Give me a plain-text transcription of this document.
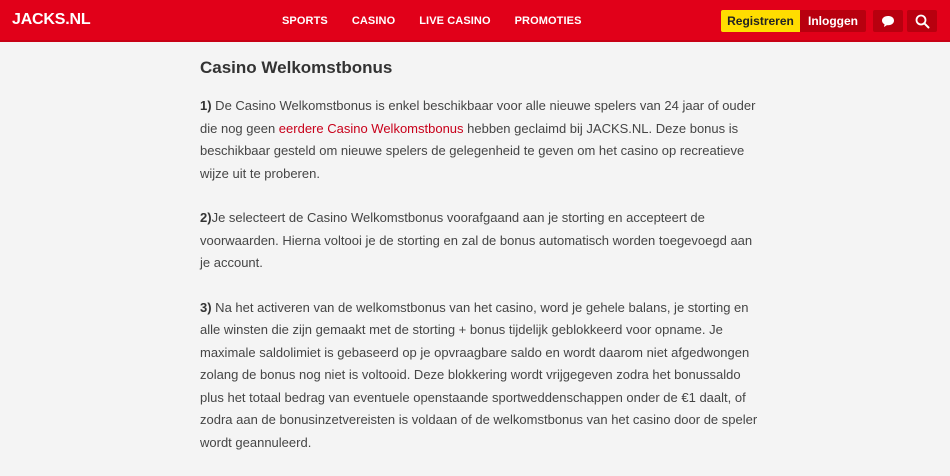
JACKS.NL	SPORTS CASINO LIVE CASINO PROMOTIES	Registreren	Inloggen
Casino Welkomstbonus

1) De Casino Welkomstbonus is enkel beschikbaar voor alle nieuwe spelers van 24 jaar of ouder die nog geen eerdere Casino Welkomstbonus hebben geclaimd bij JACKS.NL. Deze bonus is beschikbaar gesteld om nieuwe spelers de gelegenheid te geven om het casino op recreatieve wijze uit te proberen.

2)Je selecteert de Casino Welkomstbonus voorafgaand aan je storting en accepteert de voorwaarden. Hierna voltooi je de storting en zal de bonus automatisch worden toegevoegd aan je account.

3) Na het activeren van de welkomstbonus van het casino, word je gehele balans, je storting en alle winsten die zijn gemaakt met de storting + bonus tijdelijk geblokkeerd voor opname. Je maximale saldolimiet is gebaseerd op je opvraagbare saldo en wordt daarom niet afgedwongen zolang de bonus nog niet is voltooid. Deze blokkering wordt vrijgegeven zodra het bonussaldo plus het totaal bedrag van eventuele openstaande sportweddenschappen onder de €1 daalt, of zodra aan de bonusinzetvereisten is voldaan of de welkomstbonus van het casino door de speler wordt geannuleerd.
